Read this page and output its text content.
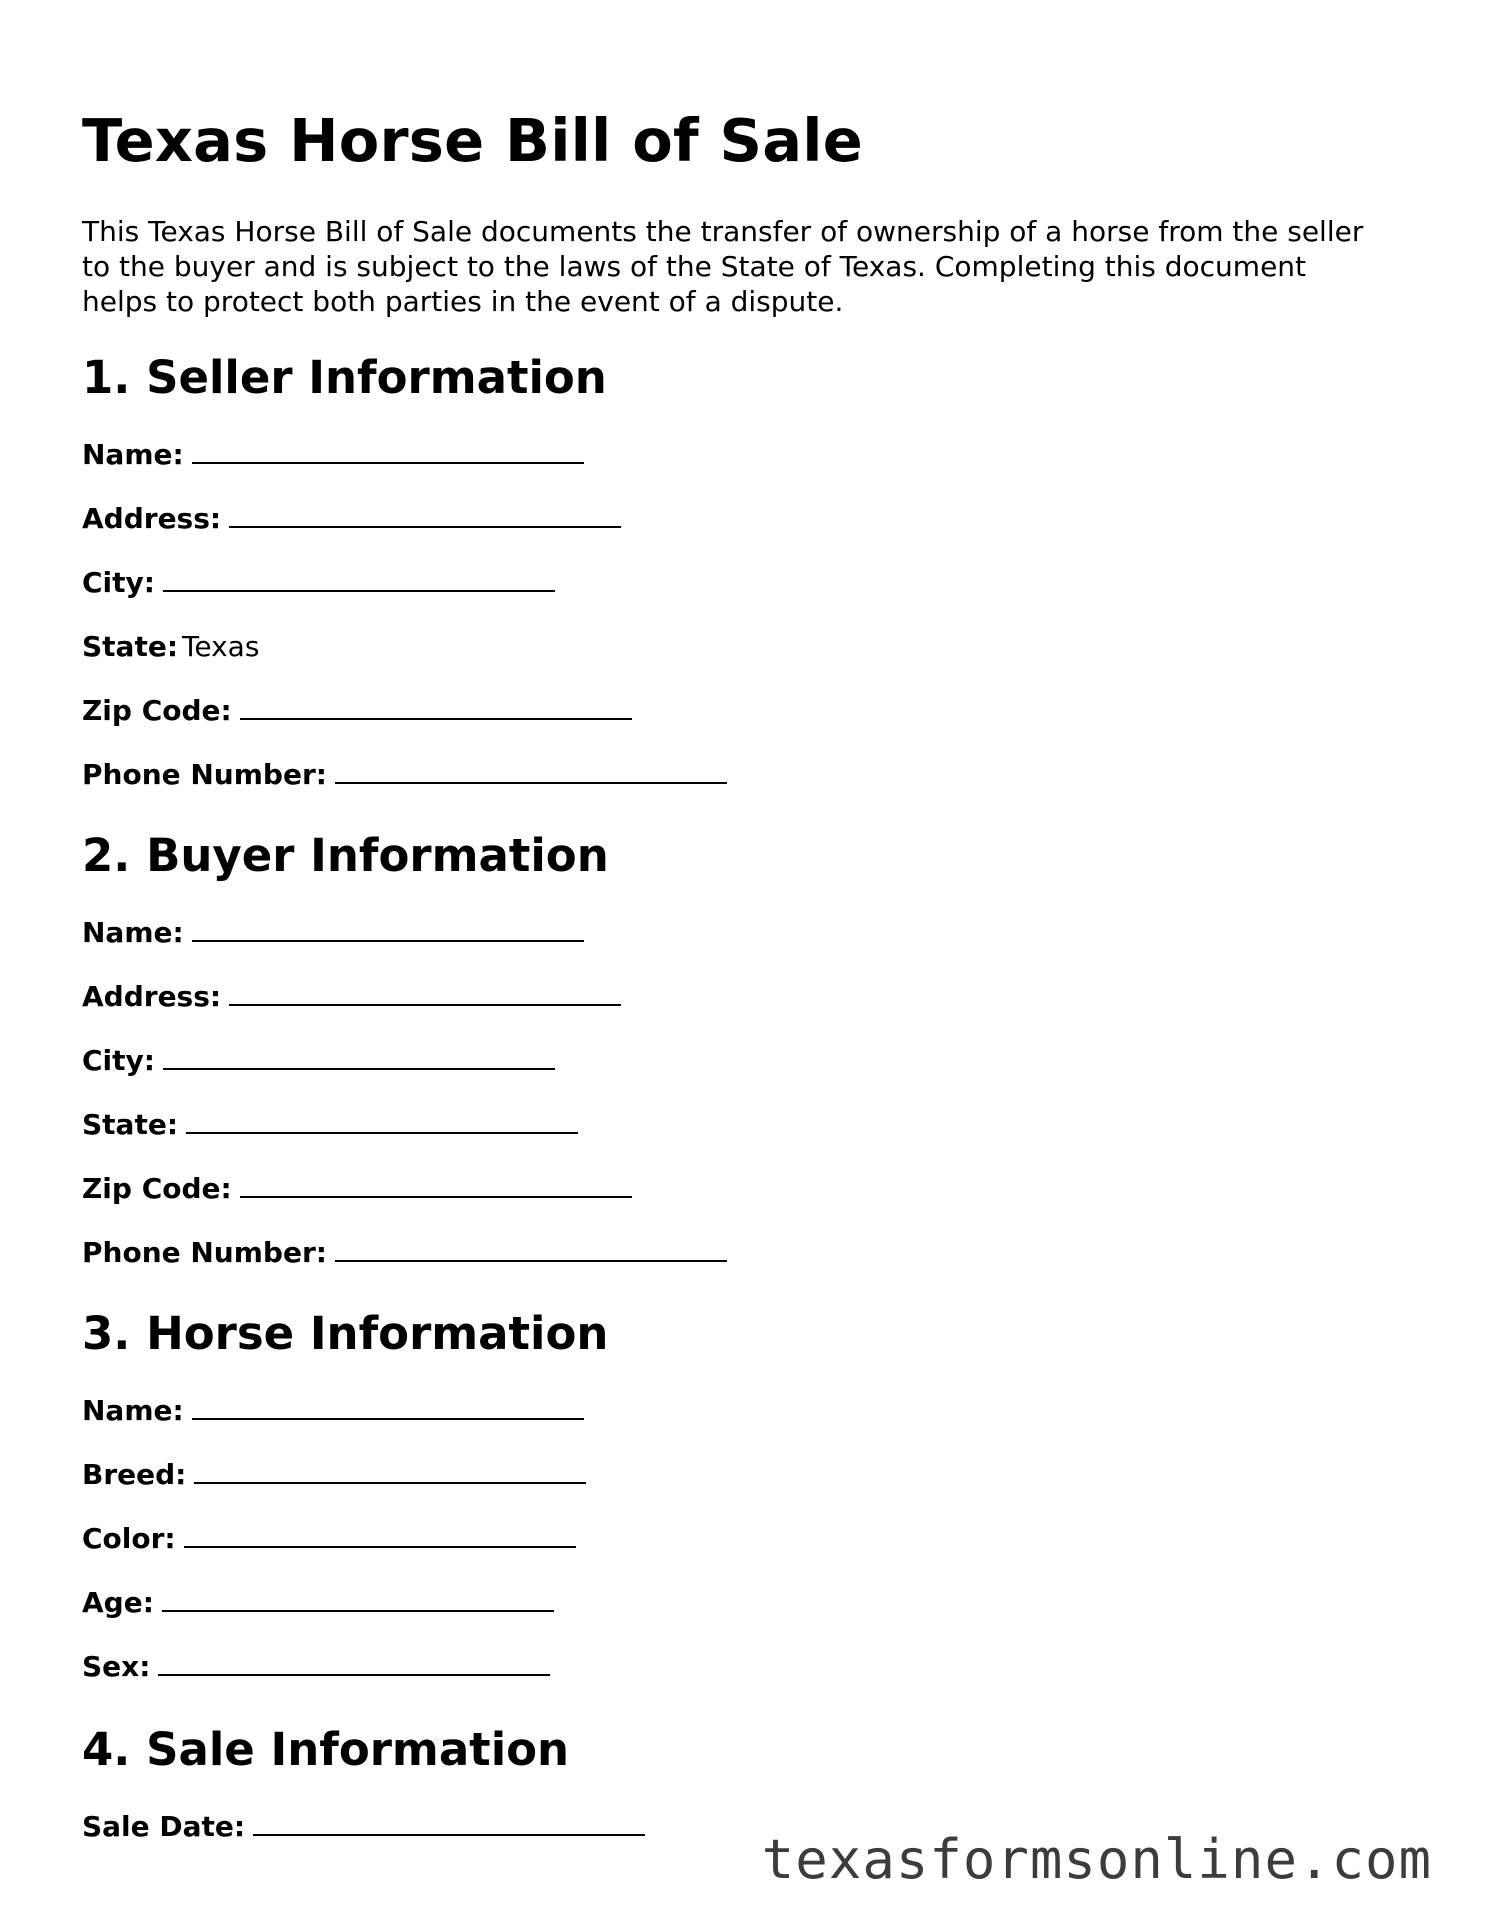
Texas Horse Bill of Sale

This Texas Horse Bill of Sale documents the transfer of ownership of a horse from the seller to the buyer and is subject to the laws of the State of Texas. Completing this document helps to protect both parties in the event of a dispute.

1. Seller Information
Name:
Address:
City:
State: Texas
Zip Code:
Phone Number:
2. Buyer Information
Name:
Address:
City:
State:
Zip Code:
Phone Number:
3. Horse Information
Name:
Breed:
Color:
Age:
Sex:
4. Sale Information
Sale Date:
texasformsonline.com
